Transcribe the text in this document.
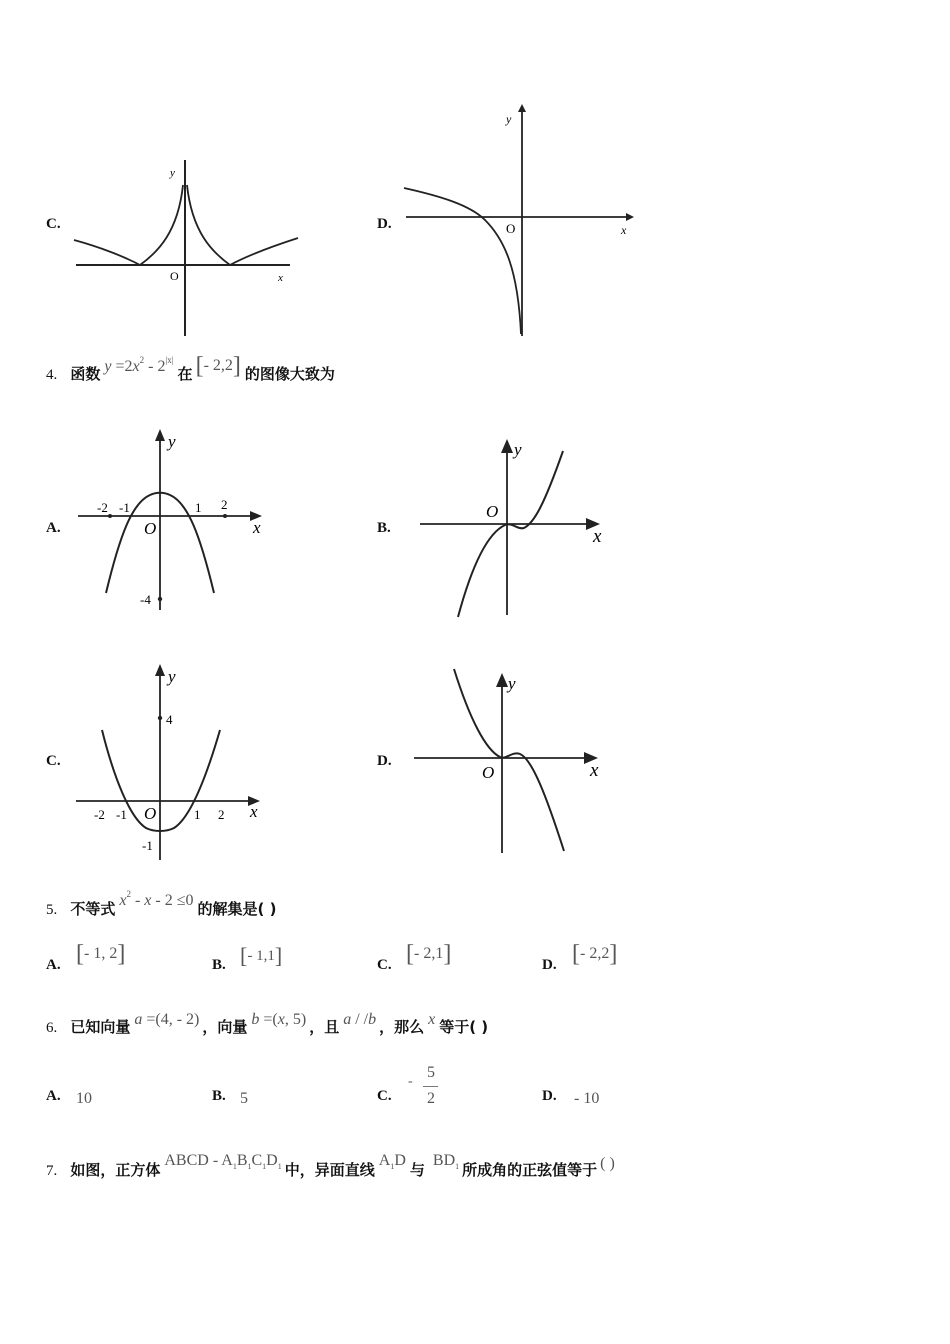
C.
y
x
O
D.
y
x
O
4. 函数 $y =2x^2 - 2^{|x|}$在 [- 2,2] 的图像大致为
A.
y
x
O
-2 -1	1 2
-4
B.
y
x
O
C.
y
x
O
4
-2 -1	1 2
-1
D.
y
x
O
5. 不等式 $x^2 - x - 2 \le 0$ 的解集是( )
A. [- 1, 2]	B. [- 1,1]	C. [- 2,1]	D. [- 2,2]
6. 已知向量 a =(4, - 2) ，向量 b =(x, 5) ，且 a / /b ，那么 x 等于( )
A. 10	B. 5	C.
-
5
2	D. - 10
7. 如图，正方体ABCD - $A_1B_1C_1D_1$ 中，异面直线$A_1D$与$BD_1$ 所成角的正弦值等于 ( )
